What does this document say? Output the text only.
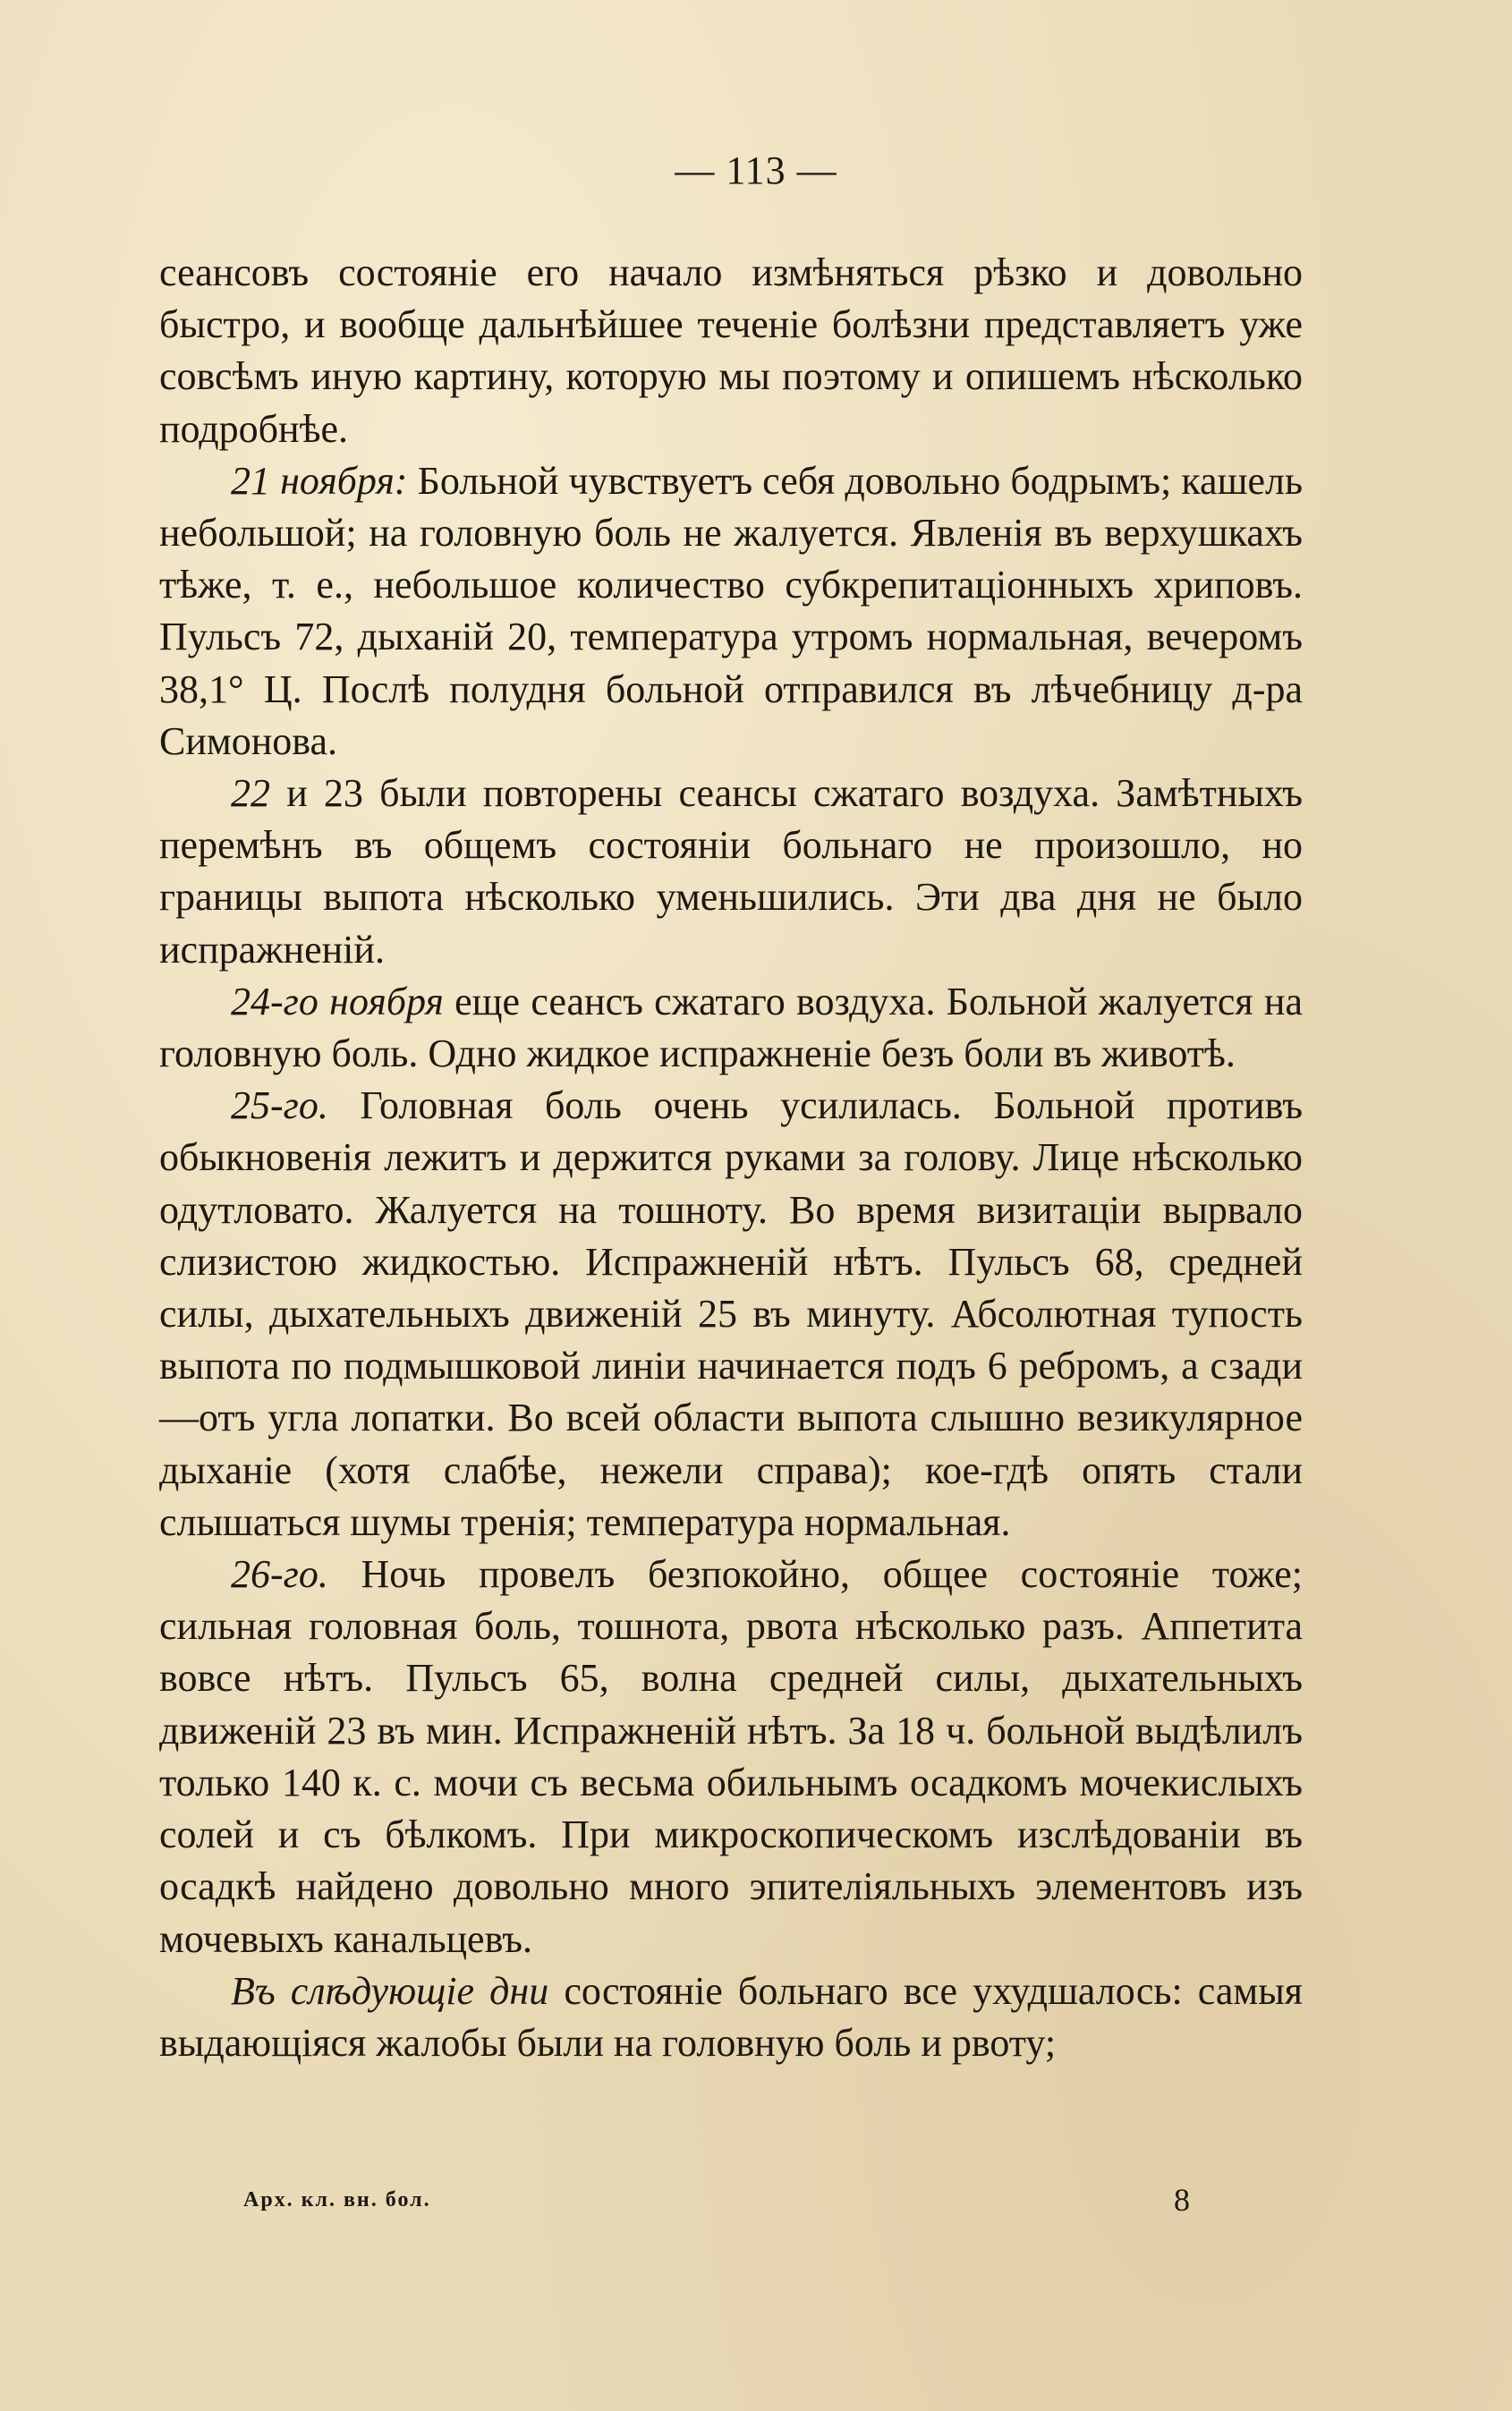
— 113 —

сеансовъ состоянiе его начало измѣняться рѣзко и довольно быстро, и вообще дальнѣйшее теченiе болѣзни представляетъ уже совсѣмъ иную картину, которую мы поэтому и опишемъ нѣсколько подробнѣе.

21 ноября: Больной чувствуетъ себя довольно бодрымъ; кашель небольшой; на головную боль не жалуется. Явленiя въ верхушкахъ тѣже, т. е., небольшое количество субкрепитацiонныхъ хриповъ. Пульсъ 72, дыханiй 20, температура утромъ нормальная, вечеромъ 38,1° Ц. Послѣ полудня больной отправился въ лѣчебницу д-ра Симонова.

22 и 23 были повторены сеансы сжатаго воздуха. Замѣтныхъ перемѣнъ въ общемъ состоянiи больнаго не произошло, но границы выпота нѣсколько уменьшились. Эти два дня не было испражненiй.

24-го ноября еще сеансъ сжатаго воздуха. Больной жалуется на головную боль. Одно жидкое испражненiе безъ боли въ животѣ.

25-го. Головная боль очень усилилась. Больной противъ обыкновенiя лежитъ и держится руками за голову. Лице нѣсколько одутловато. Жалуется на тошноту. Во время визитацiи вырвало слизистою жидкостью. Испражненiй нѣтъ. Пульсъ 68, средней силы, дыхательныхъ движенiй 25 въ минуту. Абсолютная тупость выпота по подмышковой линiи начинается подъ 6 ребромъ, а сзади—отъ угла лопатки. Во всей области выпота слышно везикулярное дыханiе (хотя слабѣе, нежели справа); кое-гдѣ опять стали слышаться шумы тренiя; температура нормальная.

26-го. Ночь провелъ безпокойно, общее состоянiе тоже; сильная головная боль, тошнота, рвота нѣсколько разъ. Аппетита вовсе нѣтъ. Пульсъ 65, волна средней силы, дыхательныхъ движенiй 23 въ мин. Испражненiй нѣтъ. За 18 ч. больной выдѣлилъ только 140 к. с. мочи съ весьма обильнымъ осадкомъ мочекислыхъ солей и съ бѣлкомъ. При микроскопическомъ изслѣдованiи въ осадкѣ найдено довольно много эпителiяльныхъ элементовъ изъ мочевыхъ канальцевъ.

Въ слѣдующiе дни состоянiе больнаго все ухудшалось: самыя выдающiяся жалобы были на головную боль и рвоту;

Арх. кл. вн. бол.	8
